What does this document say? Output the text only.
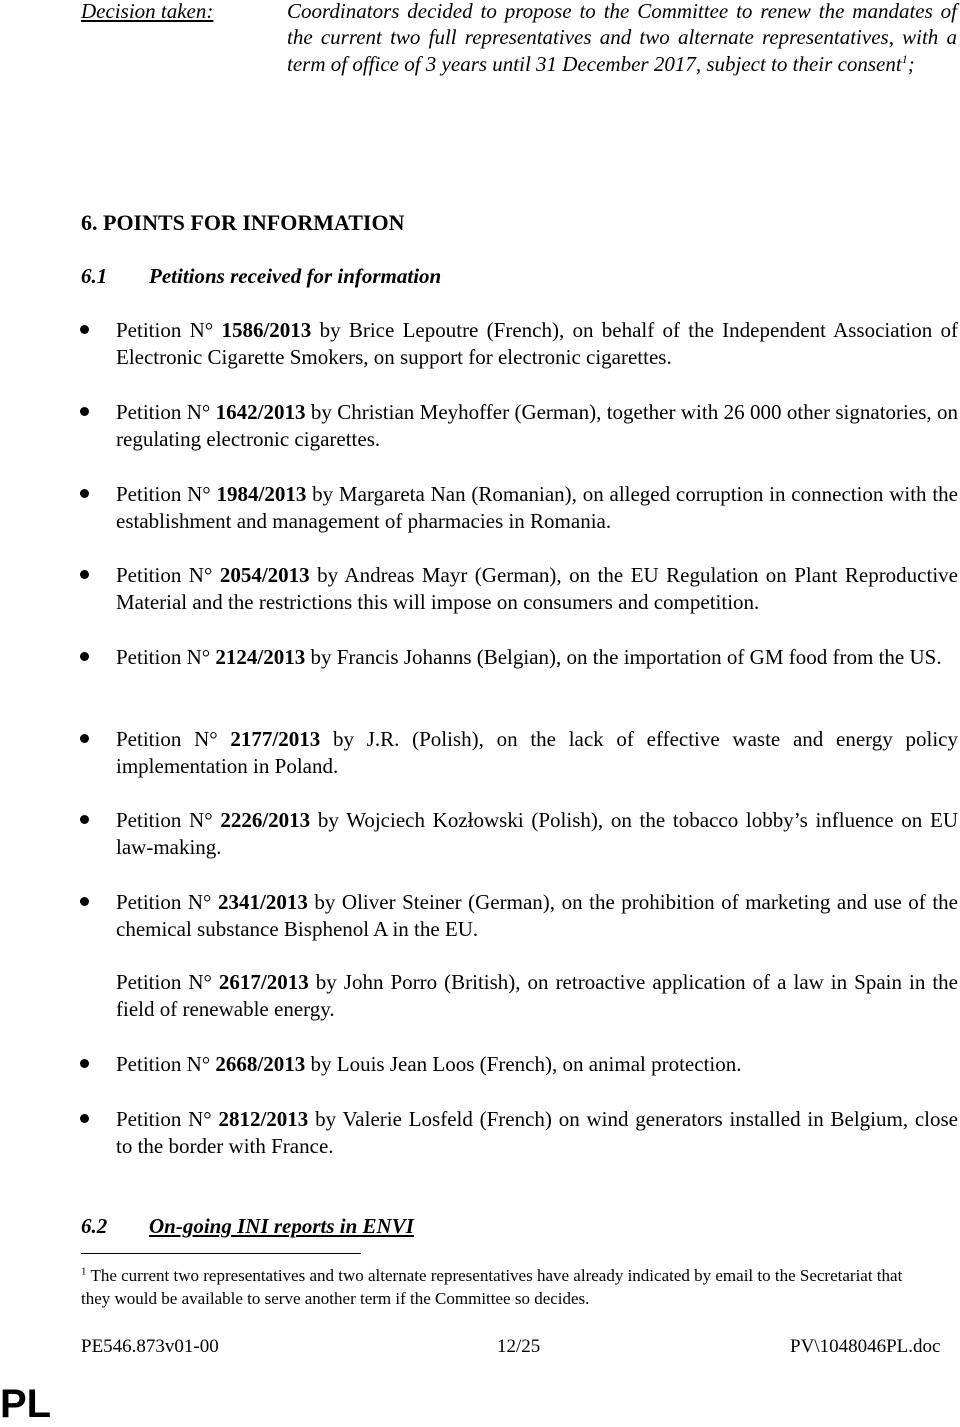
Decision taken:	Coordinators decided to propose to the Committee to renew the mandates of the current two full representatives and two alternate representatives, with a term of office of 3 years until 31 December 2017, subject to their consent$^1$;
6. POINTS FOR INFORMATION
6.1 Petitions received for information
Petition N° 1586/2013 by Brice Lepoutre (French), on behalf of the Independent Association of Electronic Cigarette Smokers, on support for electronic cigarettes.
Petition N° 1642/2013 by Christian Meyhoffer (German), together with 26 000 other signatories, on regulating electronic cigarettes.
Petition N° 1984/2013 by Margareta Nan (Romanian), on alleged corruption in connection with the establishment and management of pharmacies in Romania.
Petition N° 2054/2013 by Andreas Mayr (German), on the EU Regulation on Plant Reproductive Material and the restrictions this will impose on consumers and competition.
Petition N° 2124/2013 by Francis Johanns (Belgian), on the importation of GM food from the US.
Petition N° 2177/2013 by J.R. (Polish), on the lack of effective waste and energy policy implementation in Poland.
Petition N° 2226/2013 by Wojciech Kozłowski (Polish), on the tobacco lobby’s influence on EU law-making.
Petition N° 2341/2013 by Oliver Steiner (German), on the prohibition of marketing and use of the chemical substance Bisphenol A in the EU.
Petition N° 2617/2013 by John Porro (British), on retroactive application of a law in Spain in the field of renewable energy.
Petition N° 2668/2013 by Louis Jean Loos (French), on animal protection.
Petition N° 2812/2013 by Valerie Losfeld (French) on wind generators installed in Belgium, close to the border with France.
6.2 On-going INI reports in ENVI
$^1$ The current two representatives and two alternate representatives have already indicated by email to the Secretariat that they would be available to serve another term if the Committee so decides.
PE546.873v01-00	12/25	PV\1048046PL.doc
PL
